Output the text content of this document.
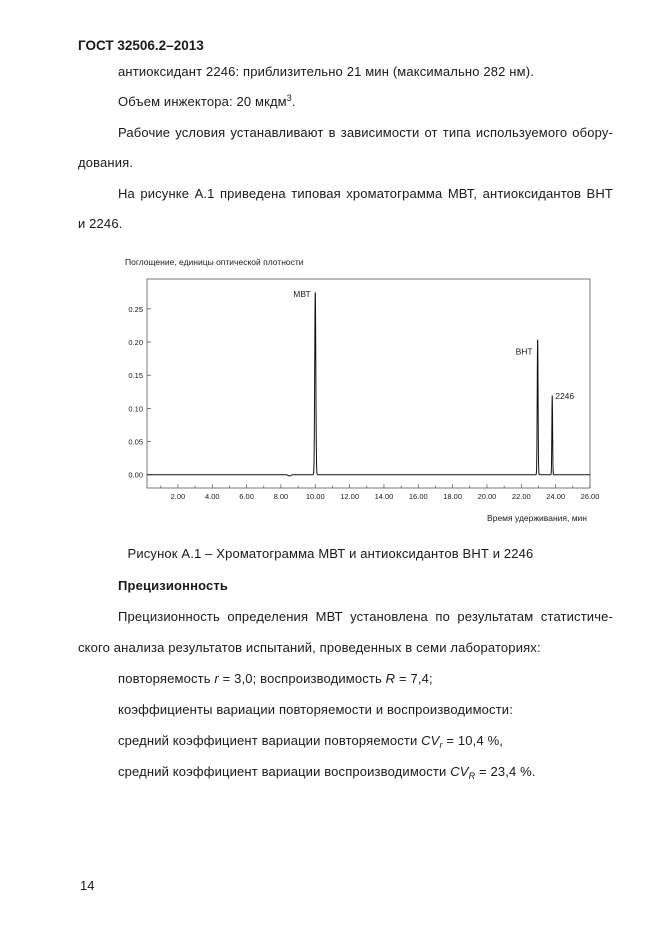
ГОСТ 32506.2–2013
антиоксидант 2246: приблизительно 21 мин (максимально 282 нм).
Объем инжектора: 20 мкдм$^3$.
Рабочие условия устанавливают в зависимости от типа используемого обору-
дования.
На рисунке А.1 приведена типовая хроматограмма МВТ, антиоксидантов ВНТ
и 2246.
Поглощение, единицы оптической плотности
0.00
0.05
0.10
0.15
0.20
0.25
2.00	4.00	6.00	8.00 10.00 12.00 14.00 16.00 18.00 20.00 22.00 24.00 26.00
МВТ
ВНТ
2246
Время удерживания, мин
Рисунок А.1 – Хроматограмма МВТ и антиоксидантов ВНТ и 2246
Прецизионность
Прецизионность определения МВТ установлена по результатам статистиче-
ского анализа результатов испытаний, проведенных в семи лабораториях:
повторяемость r = 3,0; воспроизводимость R = 7,4;
коэффициенты вариации повторяемости и воспроизводимости:
средний коэффициент вариации повторяемости $CV_r = 10,4$ %,
средний коэффициент вариации воспроизводимости $CV_R = 23,4$ %.
14
